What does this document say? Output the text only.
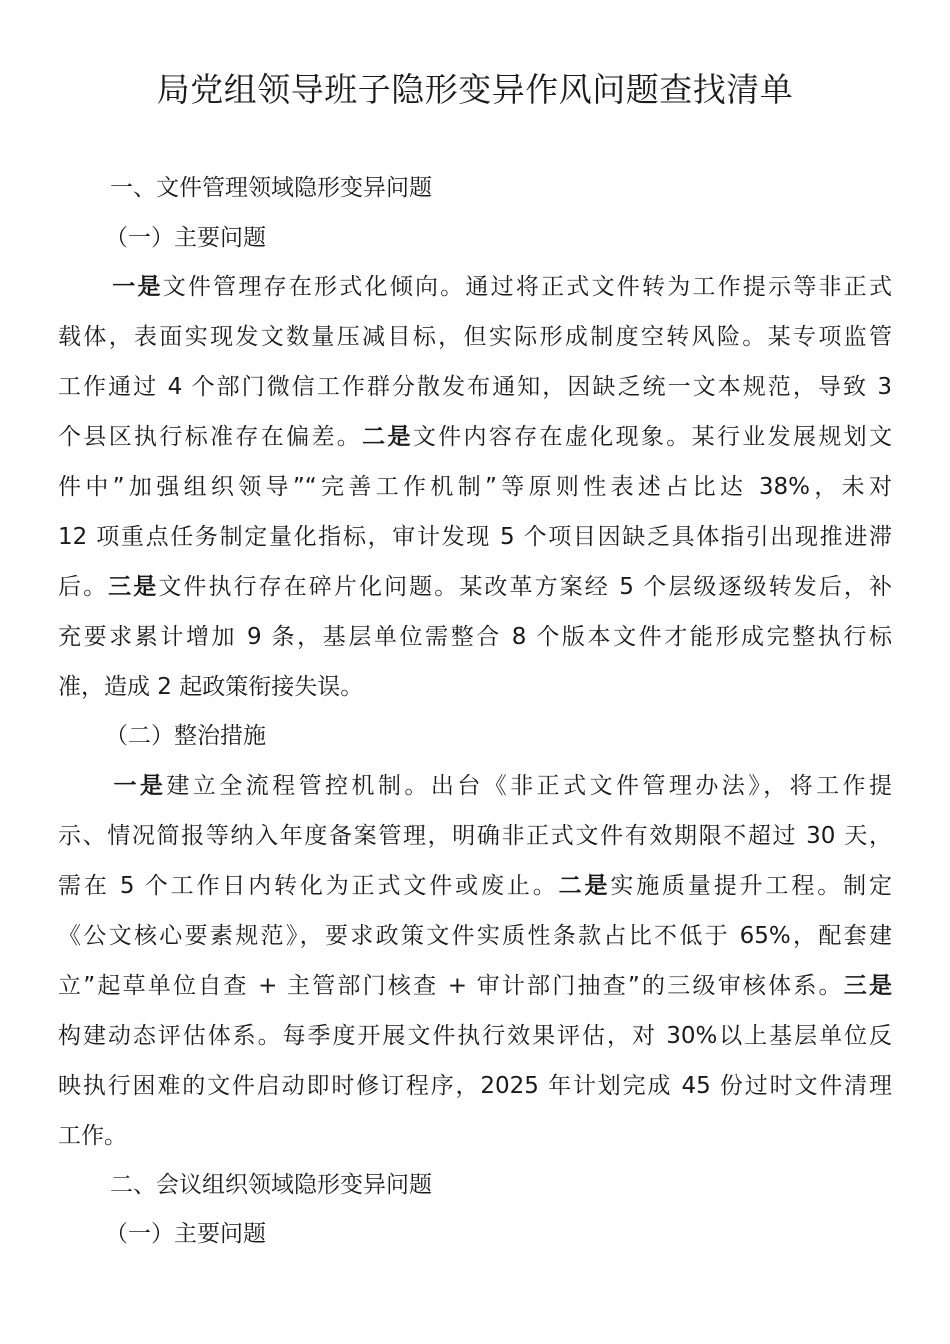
局党组领导班子隐形变异作风问题查找清单
一、文件管理领域隐形变异问题
（一）主要问题
一是文件管理存在形式化倾向。通过将正式文件转为工作提示等非正式
载体，表面实现发文数量压减目标，但实际形成制度空转风险。某专项监管
工作通过 4 个部门微信工作群分散发布通知，因缺乏统一文本规范，导致 3
个县区执行标准存在偏差。二是文件内容存在虚化现象。某行业发展规划文
件中”加强组织领导”“完善工作机制”等原则性表述占比达 38%，未对
12 项重点任务制定量化指标，审计发现 5 个项目因缺乏具体指引出现推进滞
后。三是文件执行存在碎片化问题。某改革方案经 5 个层级逐级转发后，补
充要求累计增加 9 条，基层单位需整合 8 个版本文件才能形成完整执行标
准，造成 2 起政策衔接失误。
（二）整治措施
一是建立全流程管控机制。出台《非正式文件管理办法》，将工作提
示、情况简报等纳入年度备案管理，明确非正式文件有效期限不超过 30 天，
需在 5 个工作日内转化为正式文件或废止。二是实施质量提升工程。制定
《公文核心要素规范》，要求政策文件实质性条款占比不低于 65%，配套建
立”起草单位自查 + 主管部门核查 + 审计部门抽查”的三级审核体系。三是
构建动态评估体系。每季度开展文件执行效果评估，对 30%以上基层单位反
映执行困难的文件启动即时修订程序，2025 年计划完成 45 份过时文件清理
工作。
二、会议组织领域隐形变异问题
（一）主要问题
